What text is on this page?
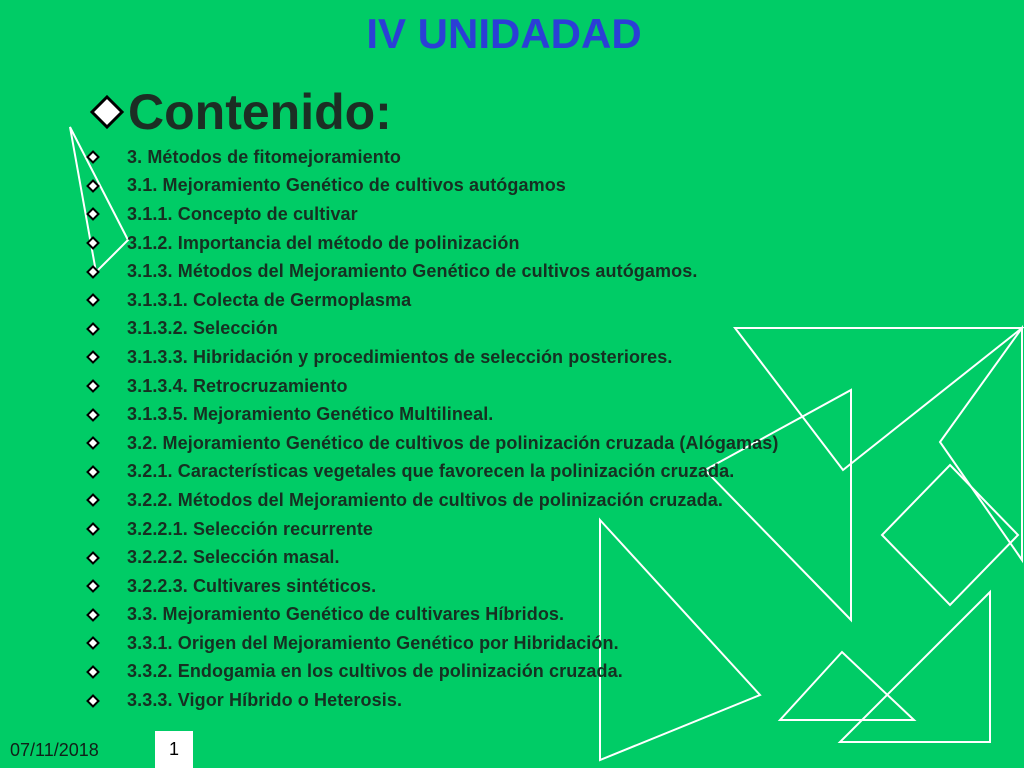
IV UNIDADAD
Contenido:
3. Métodos de fitomejoramiento
3.1. Mejoramiento Genético de cultivos autógamos
3.1.1. Concepto de cultivar
3.1.2. Importancia del método de polinización
3.1.3. Métodos del Mejoramiento Genético de cultivos autógamos.
3.1.3.1. Colecta de Germoplasma
3.1.3.2. Selección
3.1.3.3. Hibridación y procedimientos de selección posteriores.
3.1.3.4. Retrocruzamiento
3.1.3.5. Mejoramiento Genético Multilineal.
3.2. Mejoramiento Genético de cultivos de polinización cruzada (Alógamas)
3.2.1. Características vegetales que favorecen la polinización cruzada.
3.2.2. Métodos del Mejoramiento de cultivos de polinización cruzada.
3.2.2.1. Selección recurrente
3.2.2.2. Selección masal.
3.2.2.3. Cultivares sintéticos.
3.3. Mejoramiento Genético de cultivares Híbridos.
3.3.1. Origen del Mejoramiento Genético por Hibridación.
3.3.2. Endogamia en los cultivos de polinización cruzada.
3.3.3. Vigor Híbrido o Heterosis.
07/11/2018	1
